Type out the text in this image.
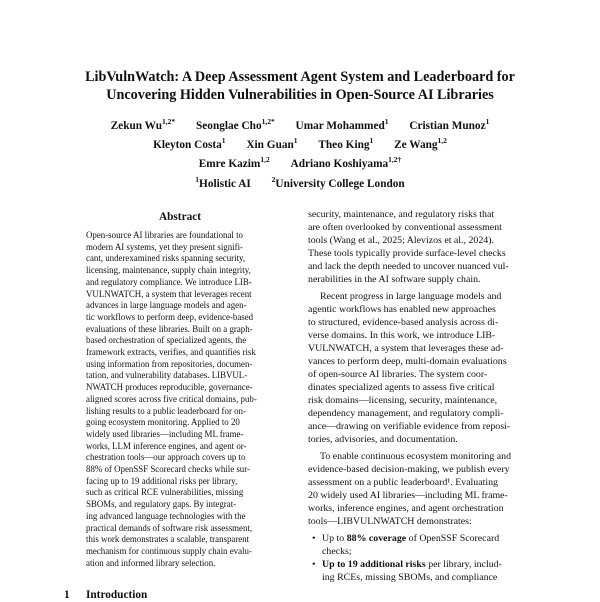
LibVulnWatch: A Deep Assessment Agent System and Leaderboard for
Uncovering Hidden Vulnerabilities in Open-Source AI Libraries
Zekun $Wu^{1,2*}$ Seonglae Cho$^{1,2*}$ Umar Mohammed$^1$ Cristian Munoz$^1$
Kleyton Costa$^1$ Xin Guan$^1$ Theo King$^1$ Ze Wang$^{1,2}$
Emre Kazim$^{1,2}$ Adriano Koshiyama$^{1,2\dagger}$
$^1$Holistic AI	$^2$University College London
Abstract
Open-source AI libraries are foundational to
modern AI systems, yet they present signifi-
cant, underexamined risks spanning security,
licensing, maintenance, supply chain integrity,
and regulatory compliance. We introduce LIB-
VULNWATCH, a system that leverages recent
advances in large language models and agen-
tic workflows to perform deep, evidence-based
evaluations of these libraries. Built on a graph-
based orchestration of specialized agents, the
framework extracts, verifies, and quantifies risk
using information from repositories, documen-
tation, and vulnerability databases. LIBVUL-
NWATCH produces reproducible, governance-
aligned scores across five critical domains, pub-
lishing results to a public leaderboard for on-
going ecosystem monitoring. Applied to 20
widely used libraries—including ML frame-
works, LLM inference engines, and agent or-
chestration tools—our approach covers up to
88% of OpenSSF Scorecard checks while sur-
facing up to 19 additional risks per library,
such as critical RCE vulnerabilities, missing
SBOMs, and regulatory gaps. By integrat-
ing advanced language technologies with the
practical demands of software risk assessment,
this work demonstrates a scalable, transparent
mechanism for continuous supply chain evalu-
ation and informed library selection.
1 Introduction
security, maintenance, and regulatory risks that
are often overlooked by conventional assessment
tools (Wang et al., 2025; Alevizos et al., 2024).
These tools typically provide surface-level checks
and lack the depth needed to uncover nuanced vul-
nerabilities in the AI software supply chain.
Recent progress in large language models and
agentic workflows has enabled new approaches
to structured, evidence-based analysis across di-
verse domains. In this work, we introduce LIB-
VULNWATCH, a system that leverages these ad-
vances to perform deep, multi-domain evaluations
of open-source AI libraries. The system coor-
dinates specialized agents to assess five critical
risk domains—licensing, security, maintenance,
dependency management, and regulatory compli-
ance—drawing on verifiable evidence from reposi-
tories, advisories, and documentation.
To enable continuous ecosystem monitoring and
evidence-based decision-making, we publish every
assessment on a public leaderboard¹. Evaluating
20 widely used AI libraries—including ML frame-
works, inference engines, and agent orchestration
tools—LIBVULNWATCH demonstrates:
• Up to 88% coverage of OpenSSF Scorecard
checks;
• Up to 19 additional risks per library, includ-
ing RCEs, missing SBOMs, and compliance
